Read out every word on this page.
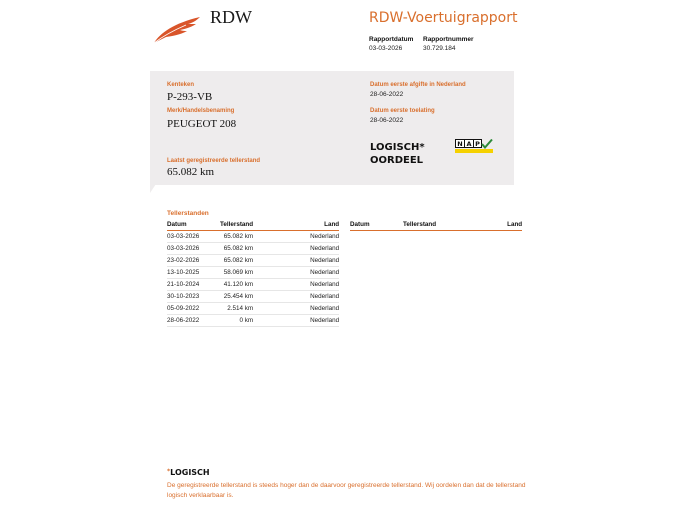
RDW	RDW-Voertuigrapport
Rapportdatum
03-03-2026
Rapportnummer
30.729.184
Kenteken
P-293-VB
Merk/Handelsbenaming
PEUGEOT 208
Laatst geregistreerde tellerstand
65.082 km
Datum eerste afgifte in Nederland
28-06-2022
Datum eerste toelating
28-06-2022
LOGISCH*
OORDEEL
N A P
Tellerstanden
Datum	Tellerstand	Land
03-03-2026	65.082 km	Nederland
03-03-2026	65.082 km	Nederland
23-02-2026	65.082 km	Nederland
13-10-2025	58.069 km	Nederland
21-10-2024	41.120 km	Nederland
30-10-2023	25.454 km	Nederland
05-09-2022	2.514 km	Nederland
28-06-2022	0 km	Nederland
Datum	Tellerstand	Land
*LOGISCH
De geregistreerde tellerstand is steeds hoger dan de daarvoor geregistreerde tellerstand. Wij oordelen dan dat de tellerstand logisch verklaarbaar is.
